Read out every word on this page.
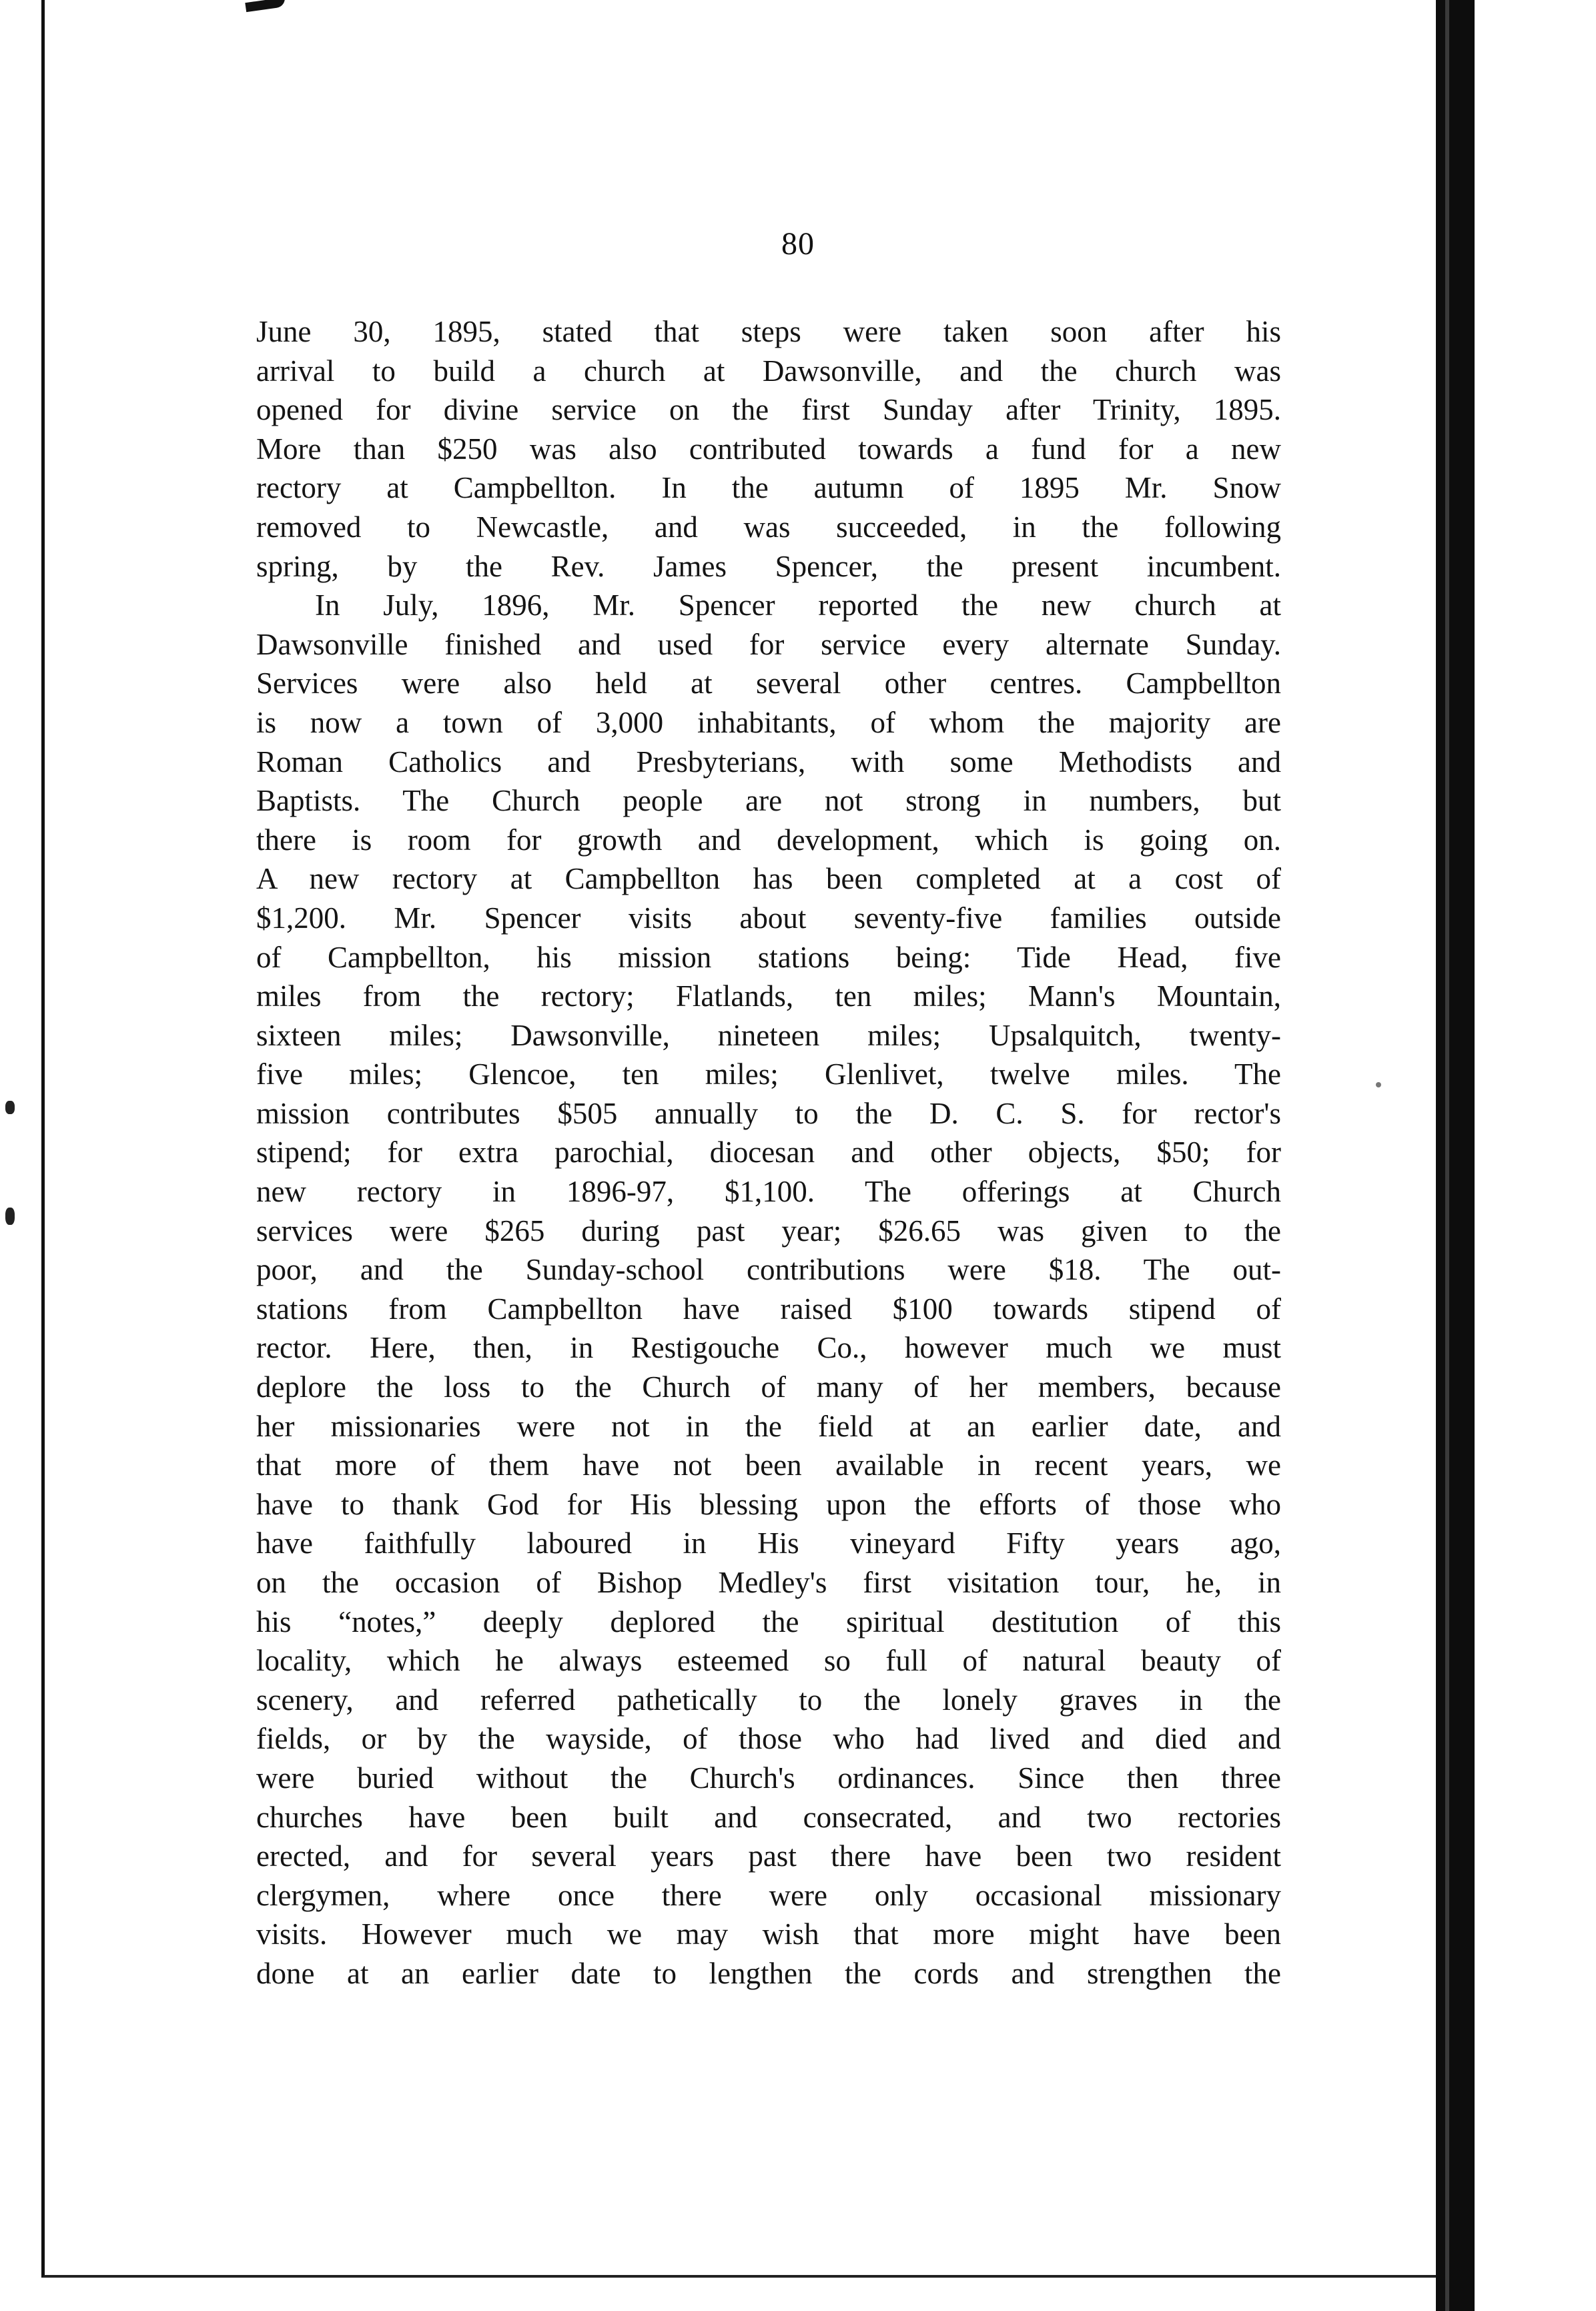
80
June 30, 1895, stated that steps were taken soon after his
arrival to build a church at Dawsonville, and the church was
opened for divine service on the first Sunday after Trinity, 1895.
More than $250 was also contributed towards a fund for a new
rectory at Campbellton. In the autumn of 1895 Mr. Snow
removed to Newcastle, and was succeeded, in the following
spring, by the Rev. James Spencer, the present incumbent.
In July, 1896, Mr. Spencer reported the new church at
Dawsonville finished and used for service every alternate Sunday.
Services were also held at several other centres. Campbellton
is now a town of 3,000 inhabitants, of whom the majority are
Roman Catholics and Presbyterians, with some Methodists and
Baptists. The Church people are not strong in numbers, but
there is room for growth and development, which is going on.
A new rectory at Campbellton has been completed at a cost of
$1,200. Mr. Spencer visits about seventy-five families outside
of Campbellton, his mission stations being: Tide Head, five
miles from the rectory; Flatlands, ten miles; Mann's Mountain,
sixteen miles; Dawsonville, nineteen miles; Upsalquitch, twenty-
five miles; Glencoe, ten miles; Glenlivet, twelve miles. The
mission contributes $505 annually to the D. C. S. for rector's
stipend; for extra parochial, diocesan and other objects, $50; for
new rectory in 1896-97, $1,100. The offerings at Church
services were $265 during past year; $26.65 was given to the
poor, and the Sunday-school contributions were $18. The out-
stations from Campbellton have raised $100 towards stipend of
rector. Here, then, in Restigouche Co., however much we must
deplore the loss to the Church of many of her members, because
her missionaries were not in the field at an earlier date, and
that more of them have not been available in recent years, we
have to thank God for His blessing upon the efforts of those who
have faithfully laboured in His vineyard Fifty years ago,
on the occasion of Bishop Medley's first visitation tour, he, in
his “notes,” deeply deplored the spiritual destitution of this
locality, which he always esteemed so full of natural beauty of
scenery, and referred pathetically to the lonely graves in the
fields, or by the wayside, of those who had lived and died and
were buried without the Church's ordinances. Since then three
churches have been built and consecrated, and two rectories
erected, and for several years past there have been two resident
clergymen, where once there were only occasional missionary
visits. However much we may wish that more might have been
done at an earlier date to lengthen the cords and strengthen the
